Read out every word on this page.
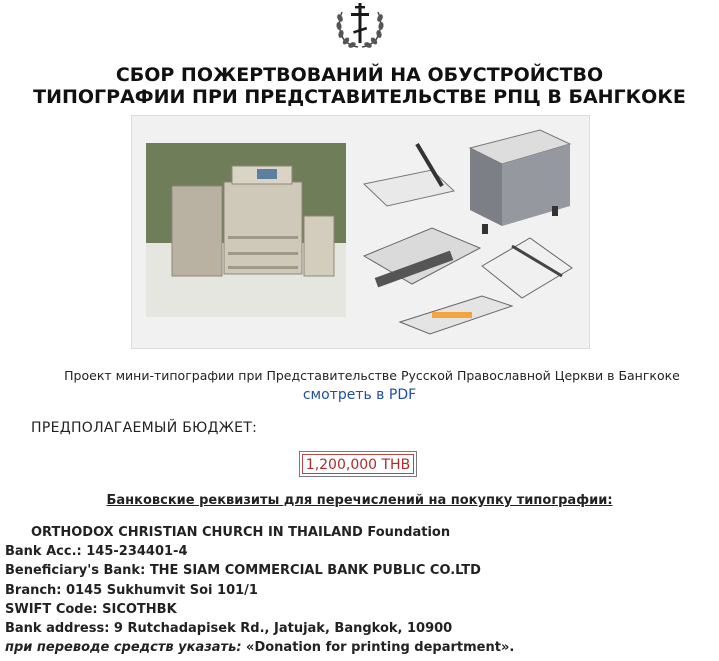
СБОР ПОЖЕРТВОВАНИЙ НА ОБУСТРОЙСТВО
ТИПОГРАФИИ ПРИ ПРЕДСТАВИТЕЛЬСТВЕ РПЦ В БАНГКОКЕ
Проект мини-типографии при Представительстве Русской Православной Церкви в Бангкоке
смотреть в PDF
ПРЕДПОЛАГАЕМЫЙ БЮДЖЕТ:
1,200,000 THB
Банковские реквизиты для перечислений на покупку типографии:
ORTHODOX CHRISTIAN CHURCH IN THAILAND Foundation
Bank Acc.: 145-234401-4
Beneficiary's Bank: THE SIAM COMMERCIAL BANK PUBLIC CO.LTD
Branch: 0145 Sukhumvit Soi 101/1
SWIFT Code: SICOTHBK
Bank address: 9 Rutchadapisek Rd., Jatujak, Bangkok, 10900
при переводе средств указать: «Donation for printing department».
